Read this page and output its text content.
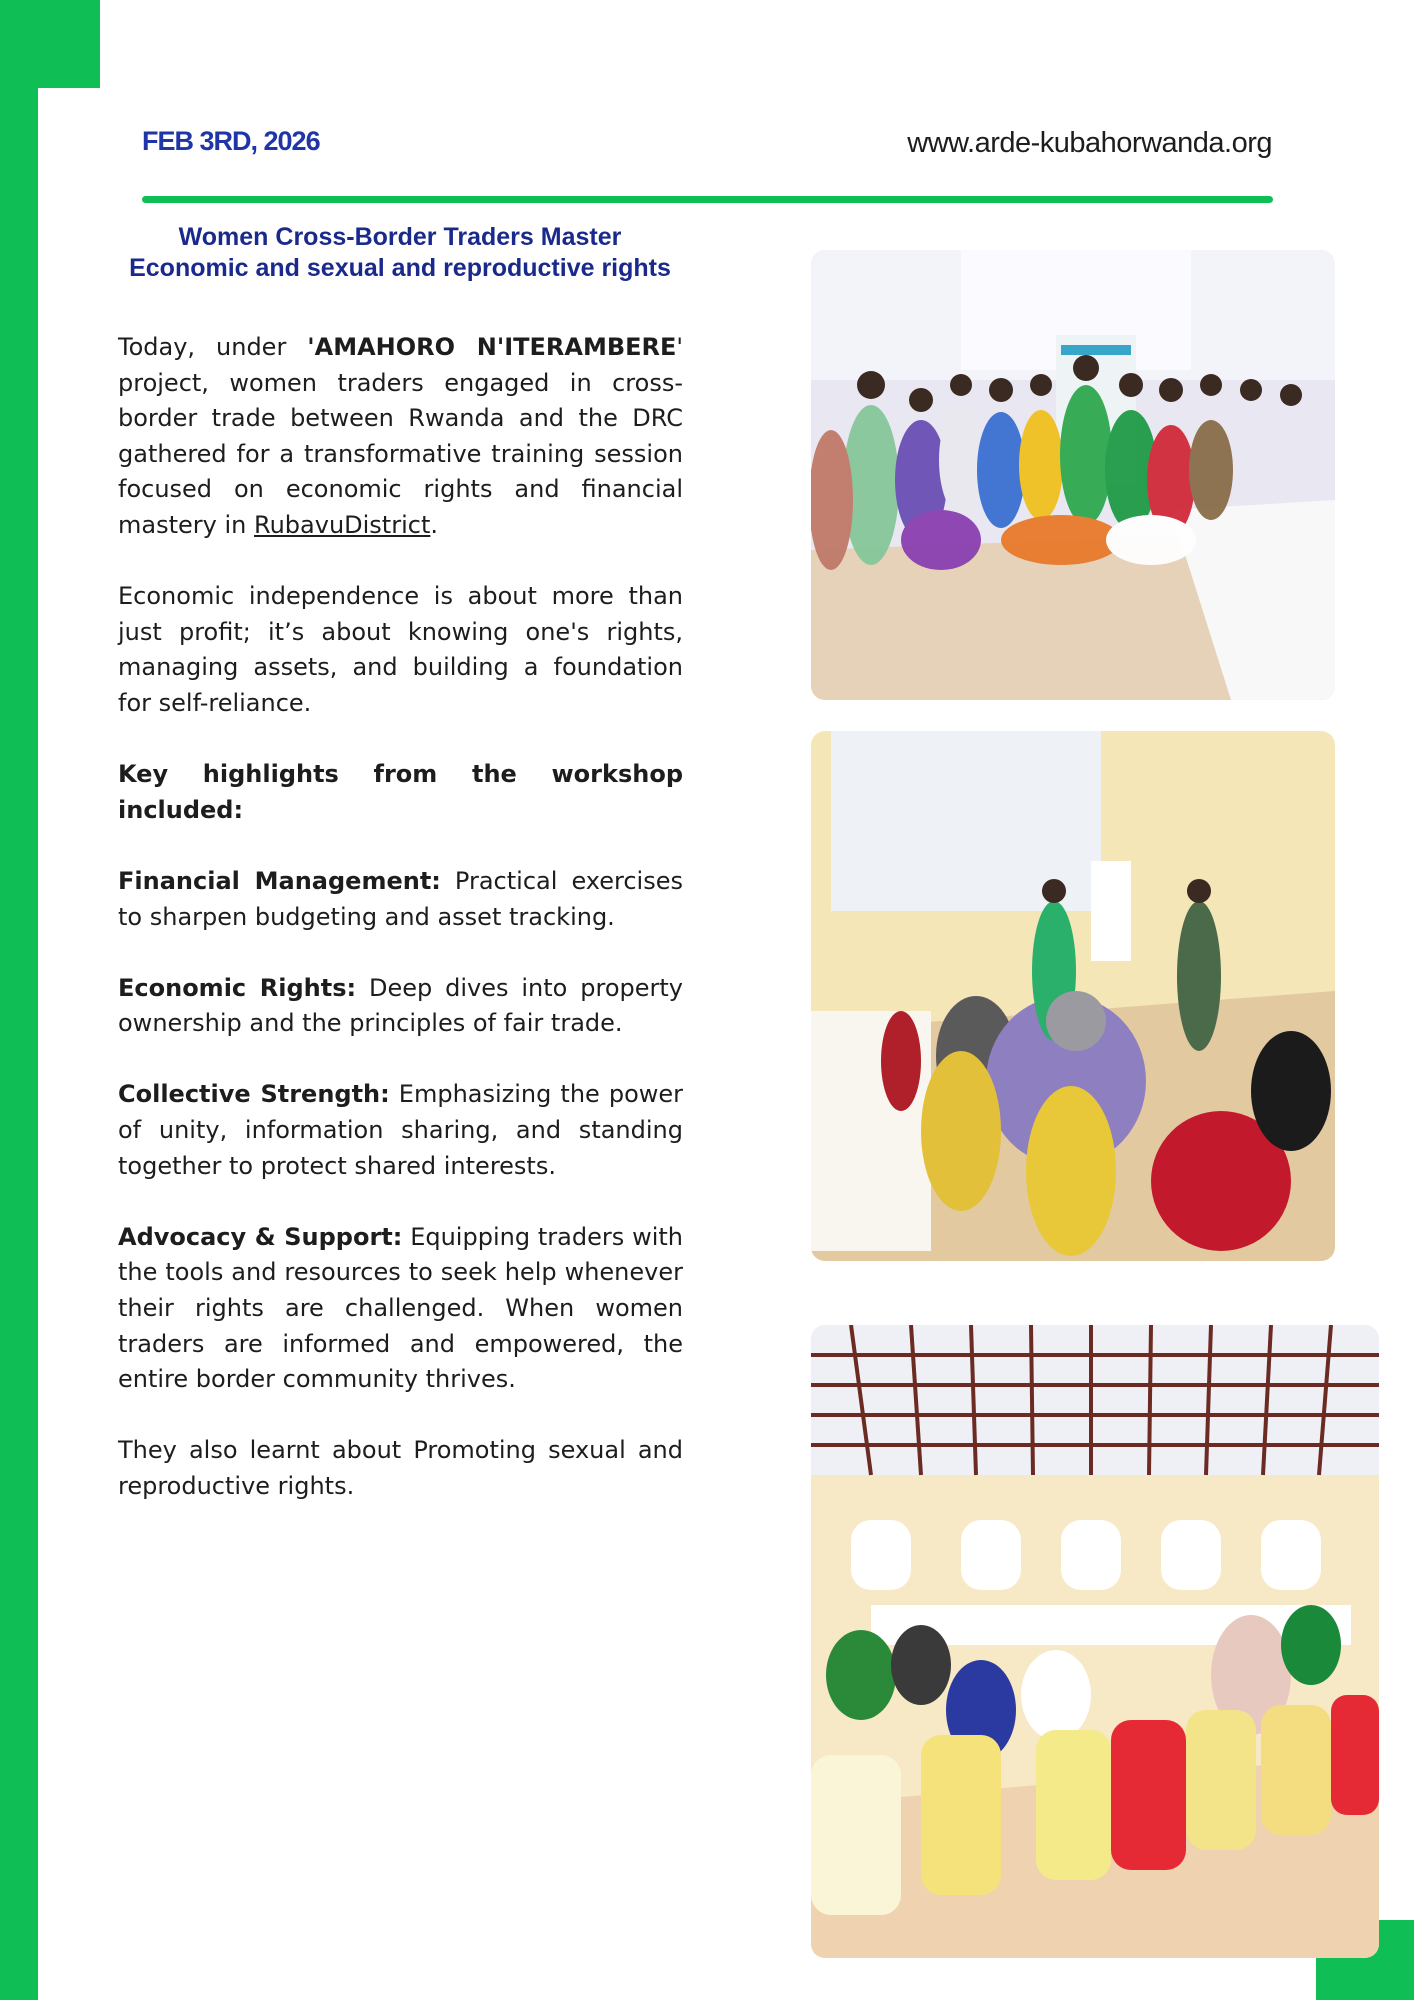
FEB 3RD, 2026	www.arde-kubahorwanda.org
Women Cross-Border Traders Master
Economic and sexual and reproductive rights

Today, under 'AMAHORO N'ITERAMBERE' project, women traders engaged in cross-border trade between Rwanda and the DRC gathered for a transformative training session focused on economic rights and financial mastery in RubavuDistrict.

Economic independence is about more than just profit; it’s about knowing one's rights, managing assets, and building a foundation for self-reliance.

Key highlights from the workshop included:

Financial Management: Practical exercises to sharpen budgeting and asset tracking.

Economic Rights: Deep dives into property ownership and the principles of fair trade.

Collective Strength: Emphasizing the power of unity, information sharing, and standing together to protect shared interests.

Advocacy & Support: Equipping traders with the tools and resources to seek help whenever their rights are challenged. When women traders are informed and empowered, the entire border community thrives.

They also learnt about Promoting sexual and reproductive rights.
